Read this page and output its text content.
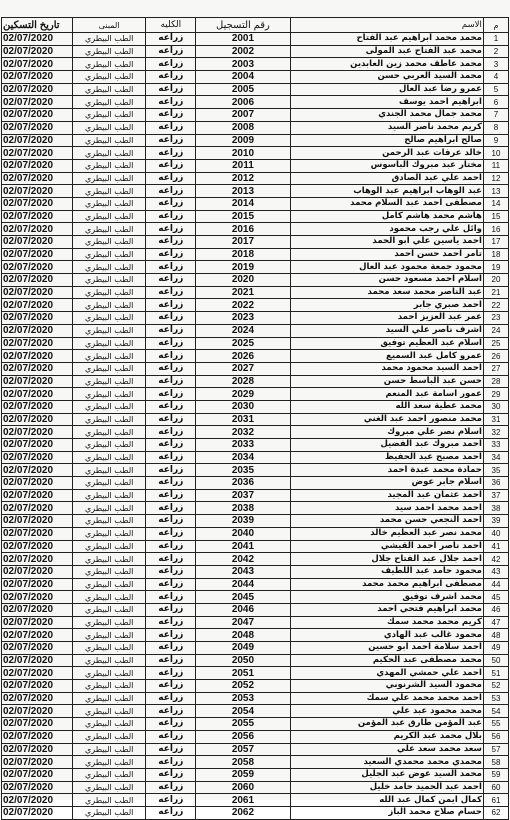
تاريخ التسكين	المبنى	الكليه	رقم التسجيل	الاسم	م
02/07/2020	الطب البيطري	زراعه	2001	محمد محمد ابراهيم عبد الفتاح	1
02/07/2020	الطب البيطري	زراعه	2002	محمد عبد الفتاح عبد المولى	2
02/07/2020	الطب البيطري	زراعه	2003	محمد عاطف محمد زين العابدين	3
02/07/2020	الطب البيطري	زراعه	2004	محمد السيد العربي حسن	4
02/07/2020	الطب البيطري	زراعه	2005	عمرو رضا عبد العال	5
02/07/2020	الطب البيطري	زراعه	2006	ابراهيم احمد يوسف	6
02/07/2020	الطب البيطري	زراعه	2007	محمد جمال محمد الجندي	7
02/07/2020	الطب البيطري	زراعه	2008	كريم محمد ناصر السيد	8
02/07/2020	الطب البيطري	زراعه	2009	صالح ابراهيم صالح	9
02/07/2020	الطب البيطري	زراعه	2010	خالد عرفات عبد الرحمن	10
02/07/2020	الطب البيطري	زراعه	2011	مختار عبد مبروك الباسوس	11
02/07/2020	الطب البيطري	زراعه	2012	احمد علي عبد الصادق	12
02/07/2020	الطب البيطري	زراعه	2013	عبد الوهاب ابراهيم عبد الوهاب	13
02/07/2020	الطب البيطري	زراعه	2014	مصطفى احمد عبد السلام محمد	14
02/07/2020	الطب البيطري	زراعه	2015	هاشم محمد هاشم كامل	15
02/07/2020	الطب البيطري	زراعه	2016	وائل علي رجب محمود	16
02/07/2020	الطب البيطري	زراعه	2017	احمد ياسين علي ابو الحمد	17
02/07/2020	الطب البيطري	زراعه	2018	تامر احمد حسن احمد	18
02/07/2020	الطب البيطري	زراعه	2019	محمود جمعة محمود عبد العال	19
02/07/2020	الطب البيطري	زراعه	2020	اسلام احمد مسعود حسن	20
02/07/2020	الطب البيطري	زراعه	2021	عبد الناصر محمد سعد محمد	21
02/07/2020	الطب البيطري	زراعه	2022	احمد صبري جابر	22
02/07/2020	الطب البيطري	زراعه	2023	عمر عبد العزيز احمد	23
02/07/2020	الطب البيطري	زراعه	2024	اشرف ناصر علي السيد	24
02/07/2020	الطب البيطري	زراعه	2025	اسلام عبد العظيم توفيق	25
02/07/2020	الطب البيطري	زراعه	2026	عمرو كامل عبد السميع	26
02/07/2020	الطب البيطري	زراعه	2027	احمد السيد محمود محمد	27
02/07/2020	الطب البيطري	زراعه	2028	حسن عبد الباسط حسن	28
02/07/2020	الطب البيطري	زراعه	2029	عمور اسامة عبد المنعم	29
02/07/2020	الطب البيطري	زراعه	2030	محمد عطية سعد الله	30
02/07/2020	الطب البيطري	زراعه	2031	محمد منصور احمد عبد الغني	31
02/07/2020	الطب البيطري	زراعه	2032	اسلام نصر علي مبروك	32
02/07/2020	الطب البيطري	زراعه	2033	احمد مبروك عبد الفضيل	33
02/07/2020	الطب البيطري	زراعه	2034	احمد مصبح عبد الحفيظ	34
02/07/2020	الطب البيطري	زراعه	2035	حمادة محمد عبدة احمد	35
02/07/2020	الطب البيطري	زراعه	2036	اسلام جابر عوض	36
02/07/2020	الطب البيطري	زراعه	2037	احمد عثمان عبد المجيد	37
02/07/2020	الطب البيطري	زراعه	2038	احمد محمد احمد سيد	38
02/07/2020	الطب البيطري	زراعه	2039	احمد النجعي حسن محمد	39
02/07/2020	الطب البيطري	زراعه	2040	محمد نصر عبد العظيم خالد	40
02/07/2020	الطب البيطري	زراعه	2041	احمد ناصر احمد القيشي	41
02/07/2020	الطب البيطري	زراعه	2042	احمد جلال عبد الفتاح جلال	42
02/07/2020	الطب البيطري	زراعه	2043	محمود حامد عبد اللطيف	43
02/07/2020	الطب البيطري	زراعه	2044	مصطفى ابراهيم محمد محمد	44
02/07/2020	الطب البيطري	زراعه	2045	محمد اشرف توفيق	45
02/07/2020	الطب البيطري	زراعه	2046	محمد ابراهيم فتحي احمد	46
02/07/2020	الطب البيطري	زراعه	2047	كريم محمد محمد سمك	47
02/07/2020	الطب البيطري	زراعه	2048	محمود غالب عبد الهادي	48
02/07/2020	الطب البيطري	زراعه	2049	احمد سلامة احمد ابو حسين	49
02/07/2020	الطب البيطري	زراعه	2050	محمد مصطفى عبد الحكيم	50
02/07/2020	الطب البيطري	زراعه	2051	احمد علي حمشي المهدي	51
02/07/2020	الطب البيطري	زراعه	2052	محمود السيد الشرنوبي	52
02/07/2020	الطب البيطري	زراعه	2053	احمد محمد محمد علي سمك	53
02/07/2020	الطب البيطري	زراعه	2054	محمد محمود عبد علي	54
02/07/2020	الطب البيطري	زراعه	2055	عبد المؤمن طارق عبد المؤمن	55
02/07/2020	الطب البيطري	زراعه	2056	بلال محمد عبد الكريم	56
02/07/2020	الطب البيطري	زراعه	2057	سعد محمد سعد علي	57
02/07/2020	الطب البيطري	زراعه	2058	محمدي محمد محمدي السعيد	58
02/07/2020	الطب البيطري	زراعه	2059	محمد السيد عوض عبد الجليل	59
02/07/2020	الطب البيطري	زراعه	2060	احمد عبد الحميد حامد خليل	60
02/07/2020	الطب البيطري	زراعه	2061	كمال ايمن كمال عبد الله	61
02/07/2020	الطب البيطري	زراعه	2062	حسام صلاح محمد الباز	62
